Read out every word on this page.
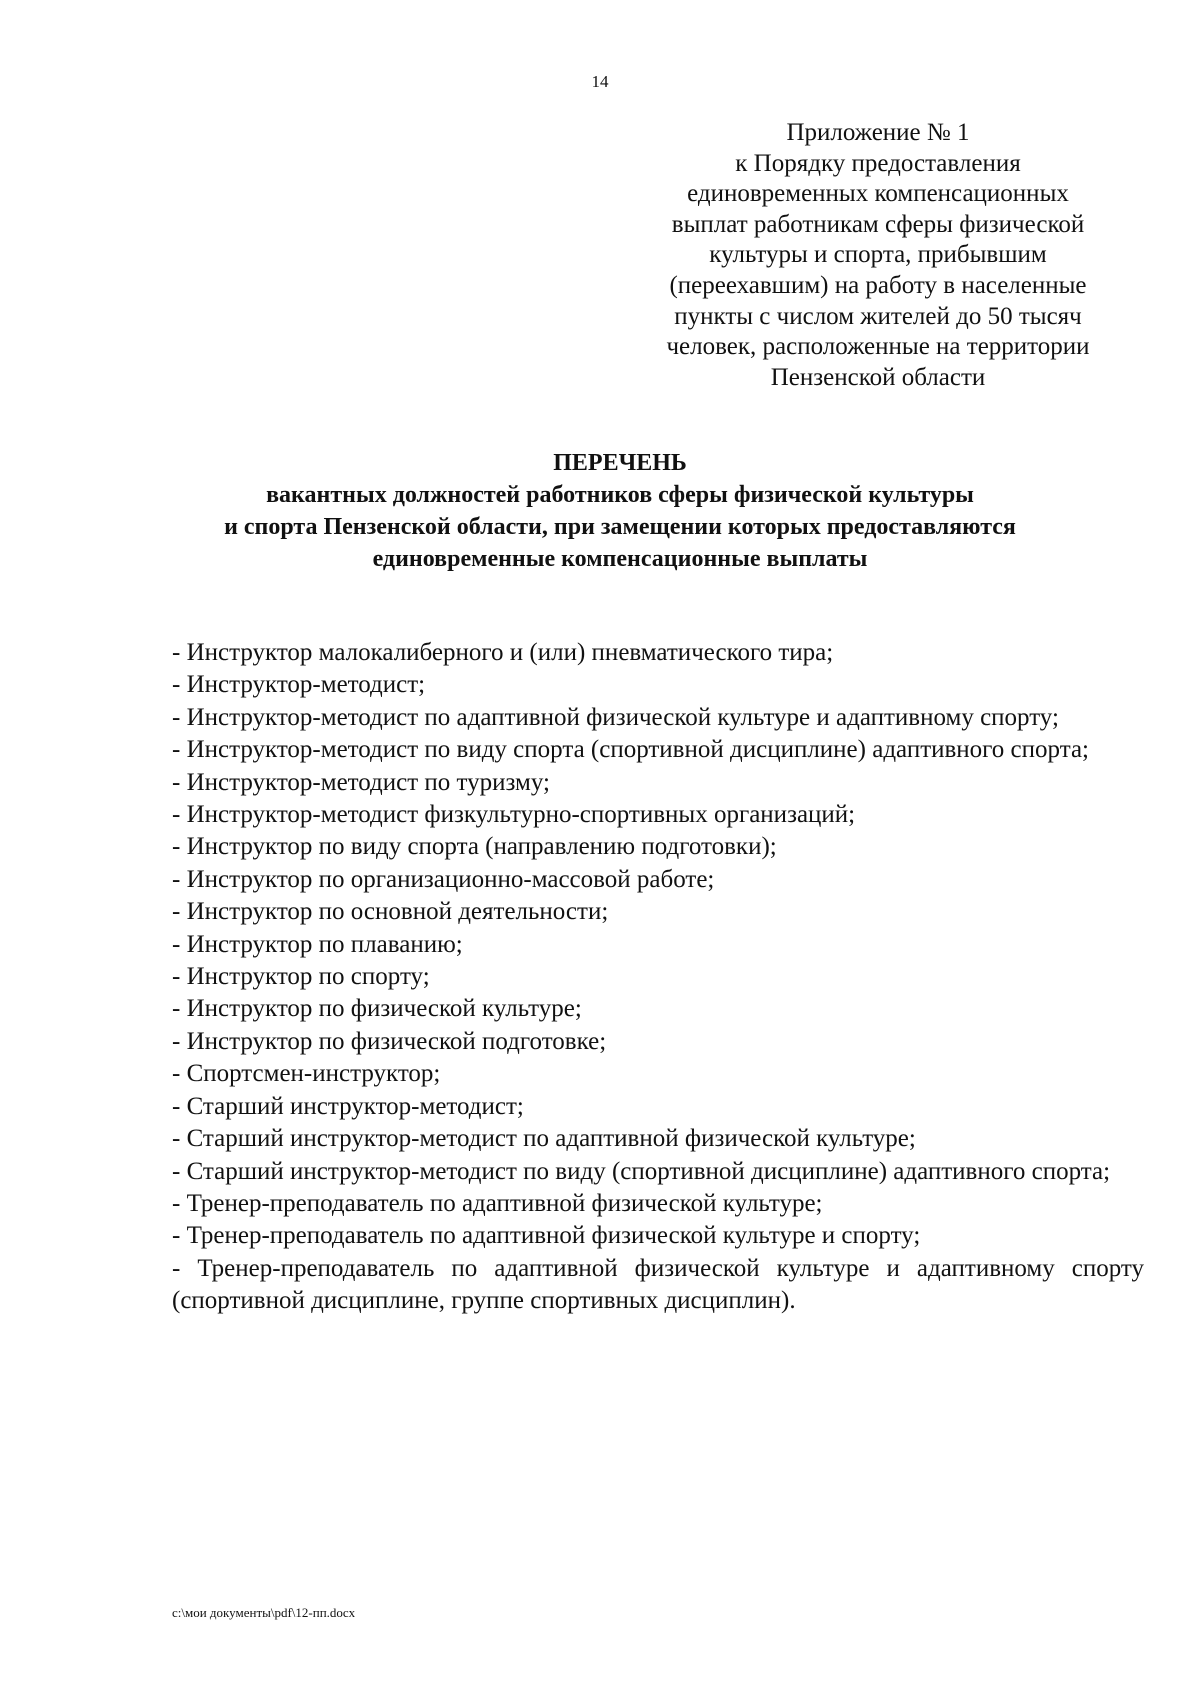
14
Приложение № 1
к Порядку предоставления
единовременных компенсационных
выплат работникам сферы физической
культуры и спорта, прибывшим
(переехавшим) на работу в населенные
пункты с числом жителей до 50 тысяч
человек, расположенные на территории
Пензенской области
ПЕРЕЧЕНЬ
вакантных должностей работников сферы физической культуры
и спорта Пензенской области, при замещении которых предоставляются
единовременные компенсационные выплаты
- Инструктор малокалиберного и (или) пневматического тира;
- Инструктор-методист;
- Инструктор-методист по адаптивной физической культуре и адаптивному спорту;
- Инструктор-методист по виду спорта (спортивной дисциплине) адаптивного спорта;
- Инструктор-методист по туризму;
- Инструктор-методист физкультурно-спортивных организаций;
- Инструктор по виду спорта (направлению подготовки);
- Инструктор по организационно-массовой работе;
- Инструктор по основной деятельности;
- Инструктор по плаванию;
- Инструктор по спорту;
- Инструктор по физической культуре;
- Инструктор по физической подготовке;
- Спортсмен-инструктор;
- Старший инструктор-методист;
- Старший инструктор-методист по адаптивной физической культуре;
- Старший инструктор-методист по виду (спортивной дисциплине) адаптивного спорта;
- Тренер-преподаватель по адаптивной физической культуре;
- Тренер-преподаватель по адаптивной физической культуре и спорту;
- Тренер-преподаватель по адаптивной физической культуре и адаптивному спорту (спортивной дисциплине, группе спортивных дисциплин).
c:\мои документы\pdf\12-пп.docx
